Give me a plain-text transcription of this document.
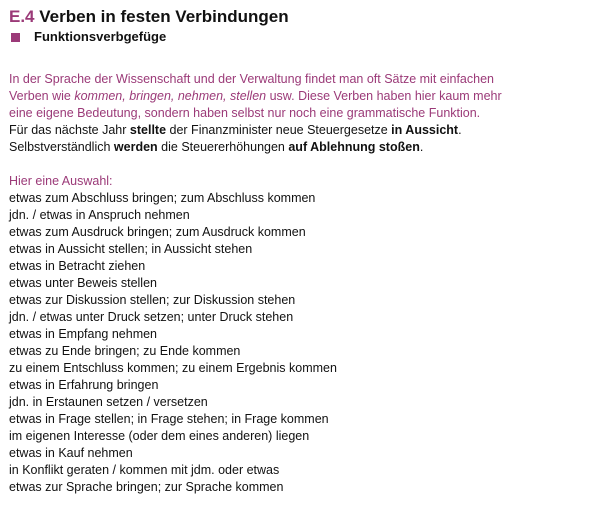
E.4 Verben in festen Verbindungen
Funktionsverbgefüge
In der Sprache der Wissenschaft und der Verwaltung findet man oft Sätze mit einfachen
Verben wie kommen, bringen, nehmen, stellen usw. Diese Verben haben hier kaum mehr
eine eigene Bedeutung, sondern haben selbst nur noch eine grammatische Funktion.
Für das nächste Jahr stellte der Finanzminister neue Steuergesetze in Aussicht.
Selbstverständlich werden die Steuererhöhungen auf Ablehnung stoßen.
Hier eine Auswahl:
etwas zum Abschluss bringen; zum Abschluss kommen
jdn. / etwas in Anspruch nehmen
etwas zum Ausdruck bringen; zum Ausdruck kommen
etwas in Aussicht stellen; in Aussicht stehen
etwas in Betracht ziehen
etwas unter Beweis stellen
etwas zur Diskussion stellen; zur Diskussion stehen
jdn. / etwas unter Druck setzen; unter Druck stehen
etwas in Empfang nehmen
etwas zu Ende bringen; zu Ende kommen
zu einem Entschluss kommen; zu einem Ergebnis kommen
etwas in Erfahrung bringen
jdn. in Erstaunen setzen / versetzen
etwas in Frage stellen; in Frage stehen; in Frage kommen
im eigenen Interesse (oder dem eines anderen) liegen
etwas in Kauf nehmen
in Konflikt geraten / kommen mit jdm. oder etwas
etwas zur Sprache bringen; zur Sprache kommen
